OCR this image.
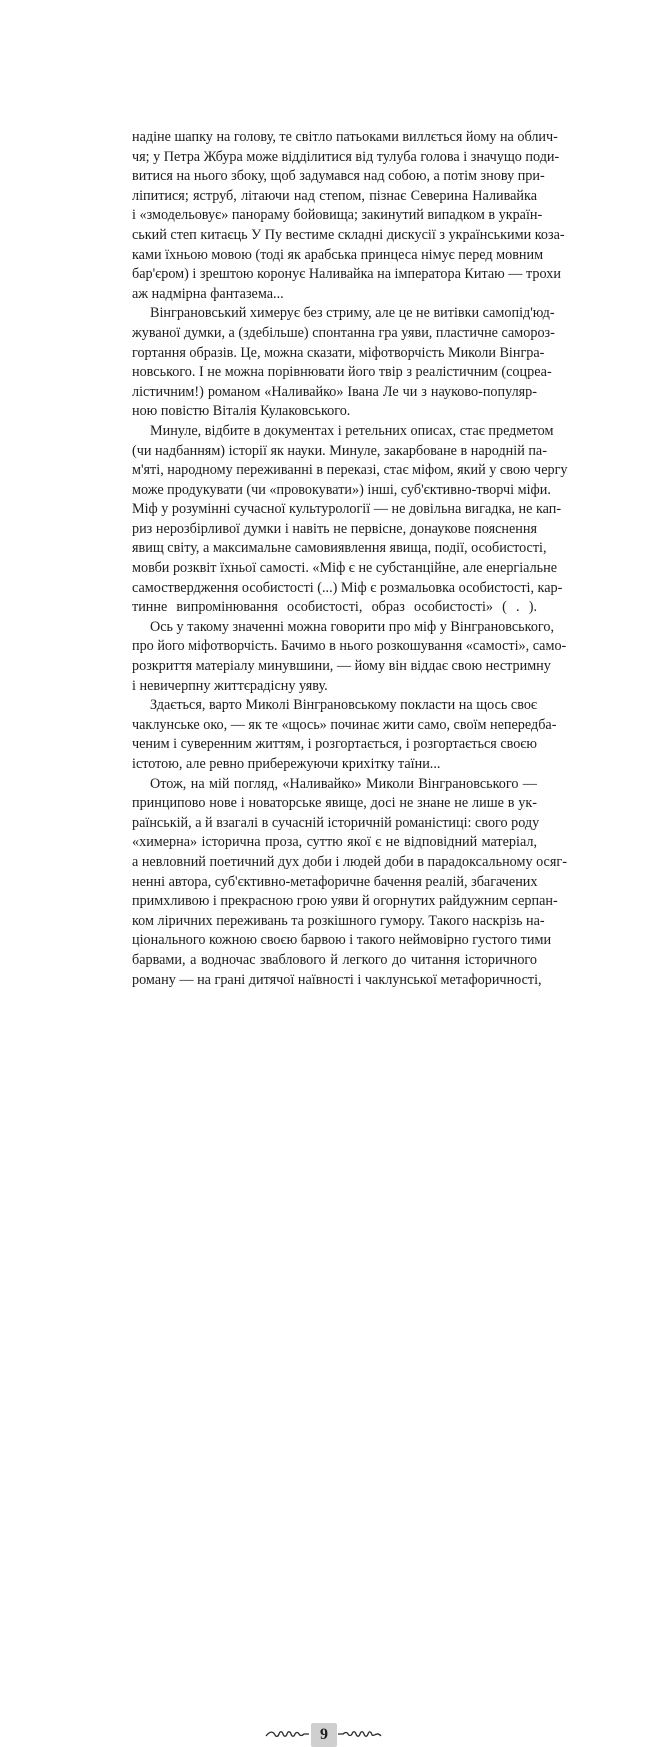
надіне шапку на голову, те світло патьоками виллється йому на облич-
чя; у Петра Жбура може відділитися від тулуба голова і значущо поди-
витися на нього збоку, щоб задумався над собою, а потім знову при-
ліпитися; яструб, літаючи над степом, пізнає Северина Наливайка
і «змодельовує» панораму бойовища; закинутий випадком в україн-
ський степ китаєць У Пу вестиме складні дискусії з українськими коза-
ками їхньою мовою (тоді як арабська принцеса німує перед мовним
бар'єром) і зрештою коронує Наливайка на імператора Китаю — трохи
аж надмірна фантазема...
Вінграновський химерує без стриму, але це не витівки самопід'юд-
жуваної думки, а (здебільше) спонтанна гра уяви, пластичне саморoз-
гортання образів. Це, можна сказати, міфотворчість Миколи Вінгра-
новського. І не можна порівнювати його твір з реалістичним (соцреа-
лістичним!) романом «Наливайко» Івана Ле чи з науково-популяр-
ною повістю Віталія Кулаковського.
Минуле, відбите в документах і ретельних описах, стає предметом
(чи надбанням) історії як науки. Минуле, закарбоване в народній па-
м'яті, народному переживанні в переказі, стає міфом, який у свою чергу
може продукувати (чи «провокувати») інші, суб'єктивно-творчі міфи.
Міф у розумінні сучасної культурології — не довільна вигадка, не кап-
риз нерозбірливої думки і навіть не первісне, донаукове пояснення
явищ світу, а максимальне самовиявлення явища, події, особистості,
мовби розквіт їхньої самості. «Міф є не субстанційне, але енергіальне
самоствердження особистості (...) Міф є розмальовка особистості, кар-
тинне випромінювання особистості, образ особистості» ( . ).
Ось у такому значенні можна говорити про міф у Вінграновського,
про його міфотворчість. Бачимо в нього розкошування «самості», само-
розкриття матеріалу минувшини, — йому він віддає свою нестримну
і невичерпну життєрадісну уяву.
Здається, варто Миколі Вінграновському покласти на щось своє
чаклунське око, — як те «щось» починає жити само, своїм непередба-
ченим і суверенним життям, і розгортається, і розгортається своєю
істотою, але ревно прибережуючи крихітку таїни...
Отож, на мій погляд, «Наливайко» Миколи Вінграновського —
принципово нове і новаторське явище, досі не знане не лише в ук-
раїнській, а й взагалі в сучасній історичній романістиці: свого роду
«химерна» історична проза, суттю якої є не відповідний матеріал,
а невловний поетичний дух доби і людей доби в парадоксальному осяг-
ненні автора, суб'єктивно-метафоричне бачення реалій, збагачених
примхливою і прекрасною грою уяви й огорнутих райдужним серпан-
ком ліричних переживань та розкішного гумору. Такого наскрізь на-
ціонального кожною своєю барвою і такого неймовірно густого тими
барвами, а водночас зваблового й легкого до читання історичного
роману — на грані дитячої наївності і чаклунської метафоричності,
9
